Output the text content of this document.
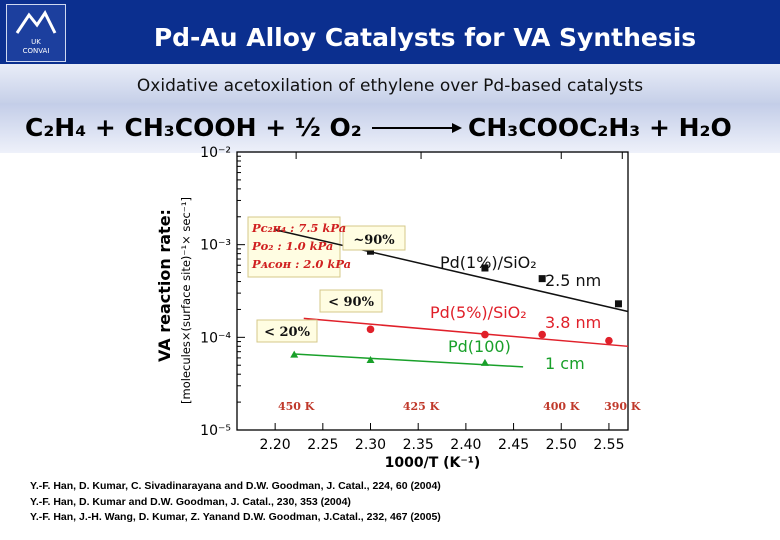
UK
CONVAI	Pd-Au Alloy Catalysts for VA Synthesis
Oxidative acetoxilation of ethylene over Pd-based catalysts
C₂H₄ + CH₃COOH + ½ O₂	CH₃COOC₂H₃ + H₂O
10⁻²
10⁻³
10⁻⁴
10⁻⁵
2.20 2.25 2.30 2.35 2.40 2.45 2.50 2.55
450 K	425 K	400 K 390 K
1000/T (K⁻¹)
VA reaction rate: [molecules×(surface site)⁻¹× sec⁻¹]	Pᴄ₂ʜ₄ : 7.5 kPa
Pᴏ₂ : 1.0 kPa
Pᴀᴄᴏʜ : 2.0 kPa
~90%
Pd(1%)/SiO₂
2.5 nm
< 90%
Pd(5%)/SiO₂
3.8 nm
< 20%
Pd(100)
1 cm
Y.-F. Han, D. Kumar, C. Sivadinarayana and D.W. Goodman, J. Catal., 224, 60 (2004)
Y.-F. Han, D. Kumar and D.W. Goodman, J. Catal., 230, 353 (2004)
Y.-F. Han, J.-H. Wang, D. Kumar, Z. Yanand D.W. Goodman, J.Catal., 232, 467 (2005)
